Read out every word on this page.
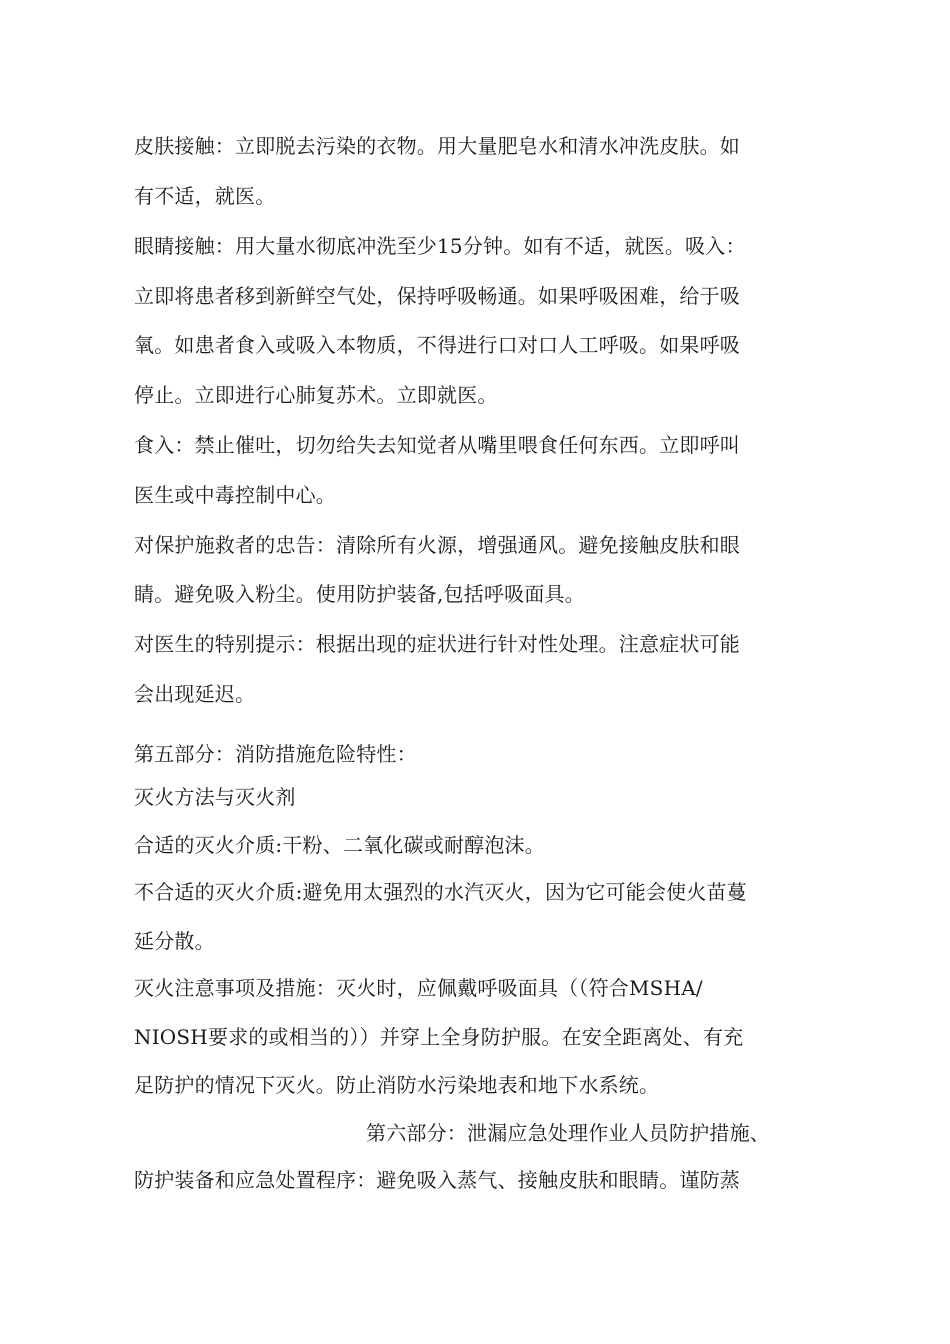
皮肤接触：立即脱去污染的衣物。用大量肥皂水和清水冲洗皮肤。如
有不适，就医。
眼睛接触：用大量水彻底冲洗至少15分钟。如有不适，就医。吸入：
立即将患者移到新鲜空气处，保持呼吸畅通。如果呼吸困难，给于吸
氧。如患者食入或吸入本物质，不得进行口对口人工呼吸。如果呼吸
停止。立即进行心肺复苏术。立即就医。
食入：禁止催吐，切勿给失去知觉者从嘴里喂食任何东西。立即呼叫
医生或中毒控制中心。
对保护施救者的忠告：清除所有火源，增强通风。避免接触皮肤和眼
睛。避免吸入粉尘。使用防护装备,包括呼吸面具。
对医生的特别提示：根据出现的症状进行针对性处理。注意症状可能
会出现延迟。
第五部分：消防措施危险特性：
灭火方法与灭火剂
合适的灭火介质:干粉、二氧化碳或耐醇泡沫。
不合适的灭火介质:避免用太强烈的水汽灭火，因为它可能会使火苗蔓
延分散。
灭火注意事项及措施：灭火时，应佩戴呼吸面具（（符合MSHA/
NIOSH要求的或相当的））并穿上全身防护服。在安全距离处、有充
足防护的情况下灭火。防止消防水污染地表和地下水系统。
第六部分：泄漏应急处理作业人员防护措施、
防护装备和应急处置程序：避免吸入蒸气、接触皮肤和眼睛。谨防蒸
